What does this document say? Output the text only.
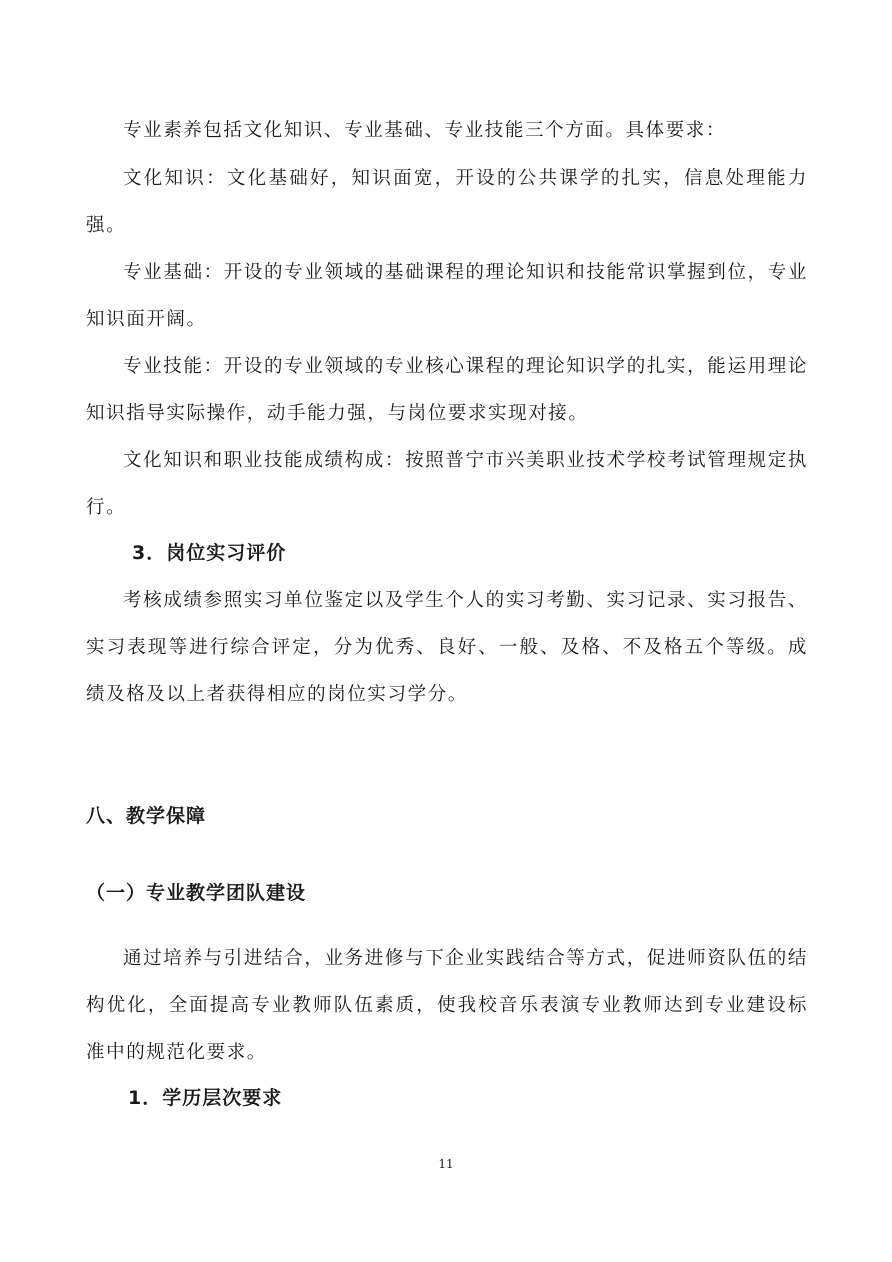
专业素养包括文化知识、专业基础、专业技能三个方面。具体要求：

文化知识：文化基础好，知识面宽，开设的公共课学的扎实，信息处理能力强。

专业基础：开设的专业领域的基础课程的理论知识和技能常识掌握到位，专业知识面开阔。

专业技能：开设的专业领域的专业核心课程的理论知识学的扎实，能运用理论知识指导实际操作，动手能力强，与岗位要求实现对接。

文化知识和职业技能成绩构成：按照普宁市兴美职业技术学校考试管理规定执行。

3．岗位实习评价

考核成绩参照实习单位鉴定以及学生个人的实习考勤、实习记录、实习报告、实习表现等进行综合评定，分为优秀、良好、一般、及格、不及格五个等级。成绩及格及以上者获得相应的岗位实习学分。

八、教学保障
（一）专业教学团队建设

通过培养与引进结合，业务进修与下企业实践结合等方式，促进师资队伍的结构优化，全面提高专业教师队伍素质，使我校音乐表演专业教师达到专业建设标准中的规范化要求。

1．学历层次要求
11
